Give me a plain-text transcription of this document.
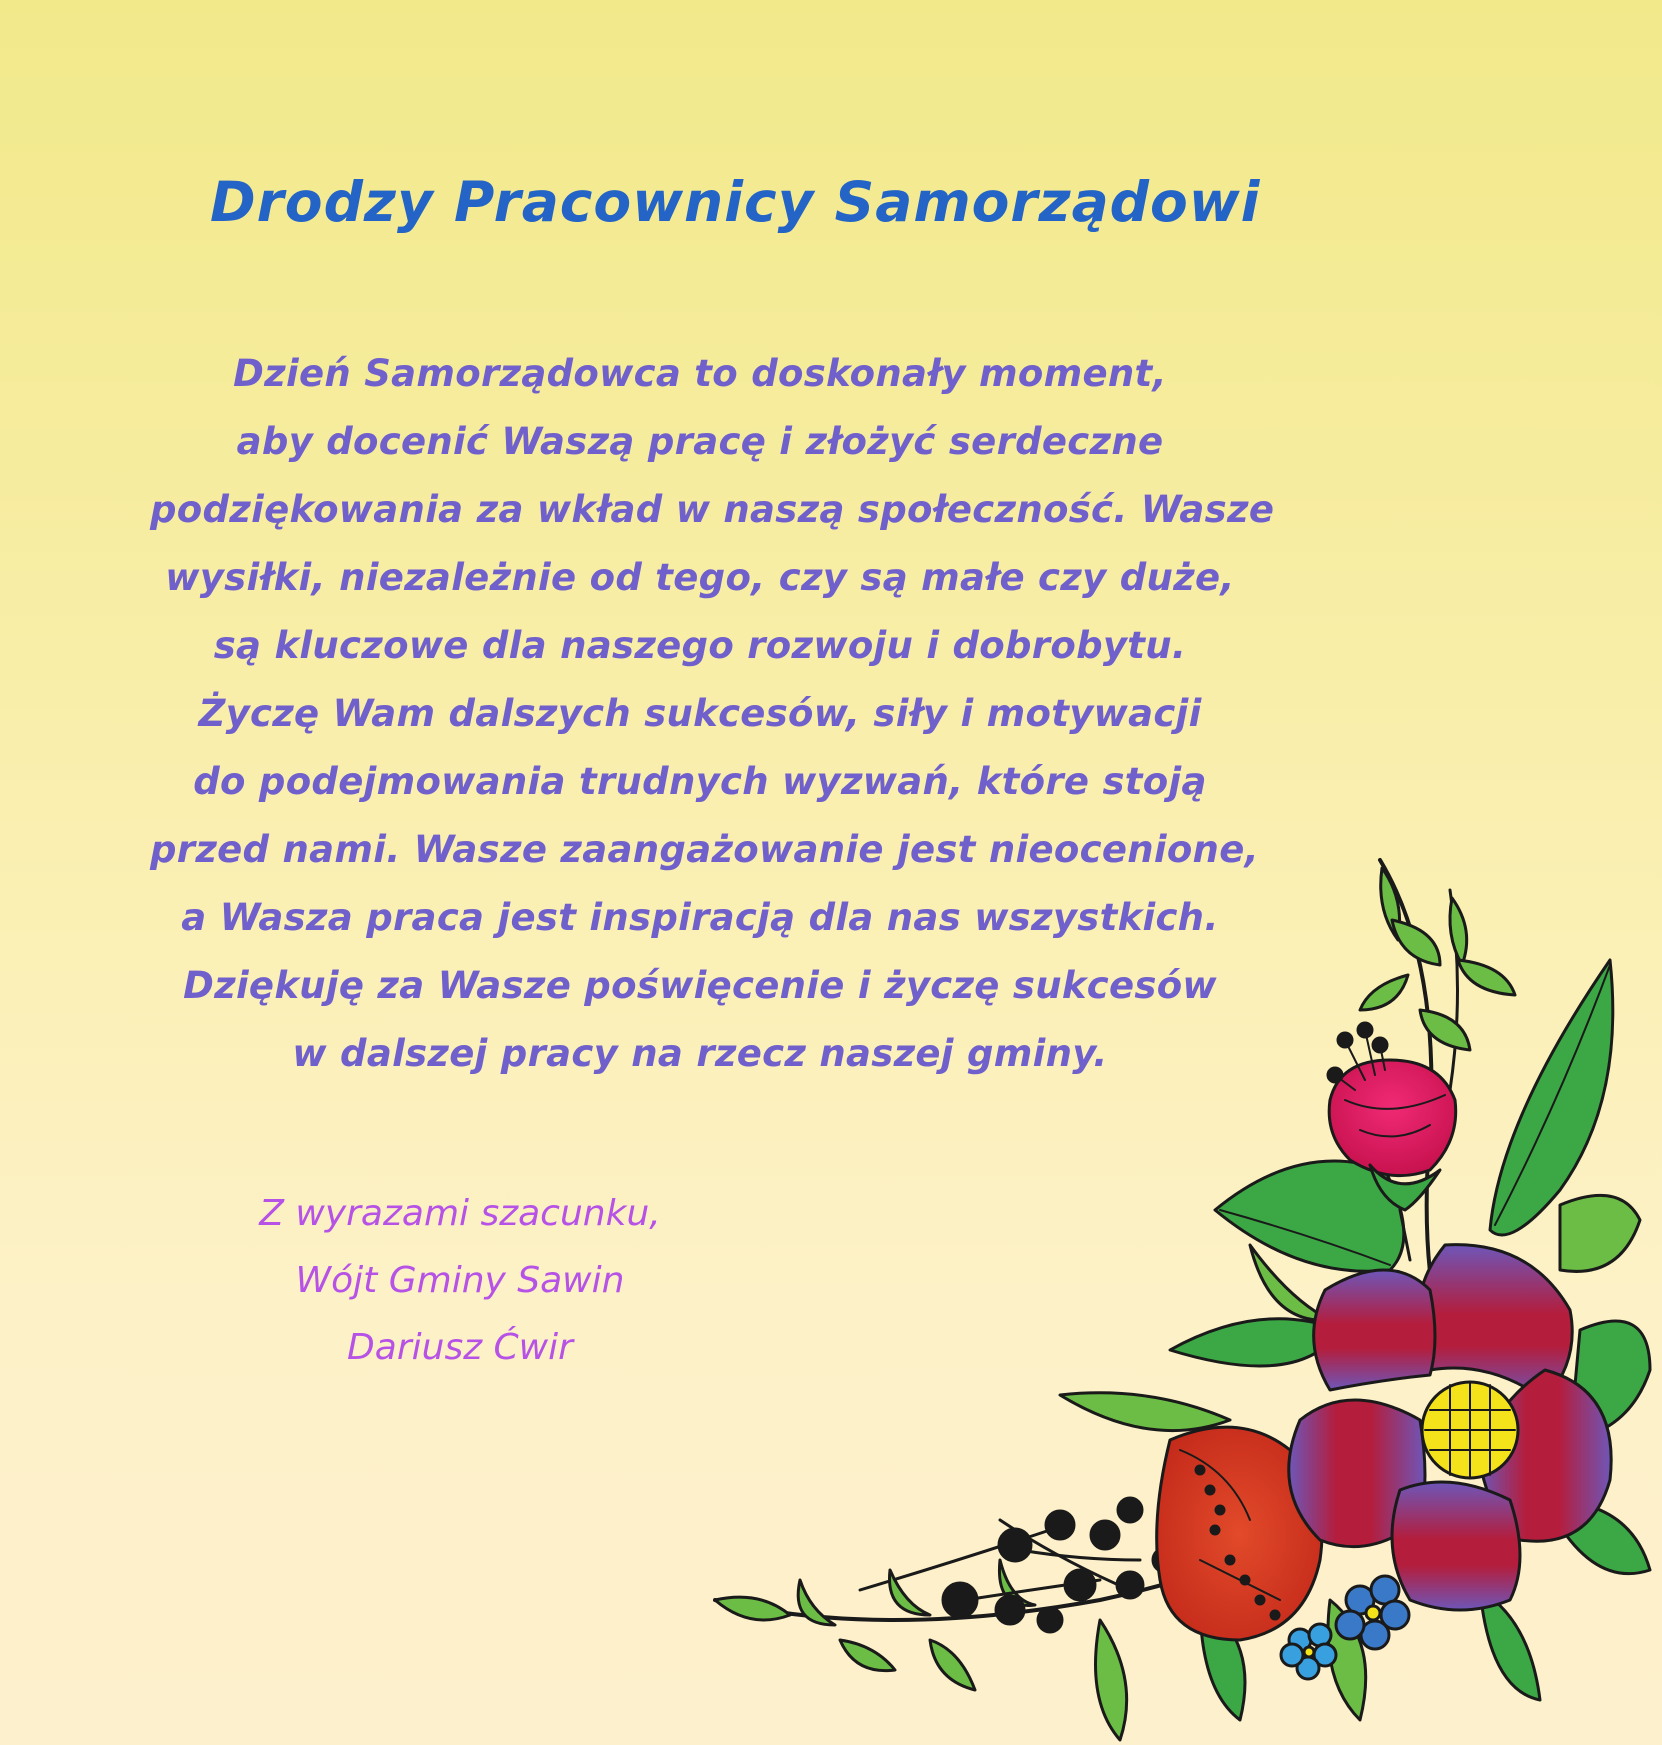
Drodzy Pracownicy Samorządowi
Dzień Samorządowca to doskonały moment,
aby docenić Waszą pracę i złożyć serdeczne
podziękowania za wkład w naszą społeczność. Wasze
wysiłki, niezależnie od tego, czy są małe czy duże,
są kluczowe dla naszego rozwoju i dobrobytu.
Życzę Wam dalszych sukcesów, siły i motywacji
do podejmowania trudnych wyzwań, które stoją
przed nami. Wasze zaangażowanie jest nieocenione,
a Wasza praca jest inspiracją dla nas wszystkich.
Dziękuję za Wasze poświęcenie i życzę sukcesów
w dalszej pracy na rzecz naszej gminy.
Z wyrazami szacunku,
Wójt Gminy Sawin
Dariusz Ćwir
